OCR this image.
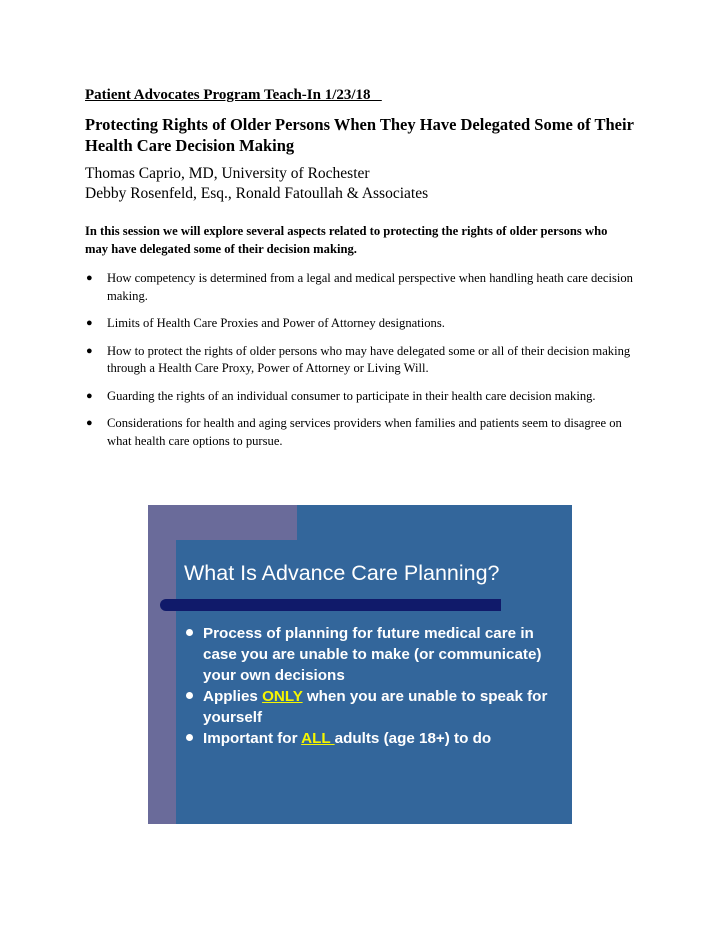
Patient Advocates Program Teach-In 1/23/18
Protecting Rights of Older Persons When They Have Delegated Some of Their Health Care Decision Making
Thomas Caprio, MD, University of Rochester
Debby Rosenfeld, Esq., Ronald Fatoullah & Associates
In this session we will explore several aspects related to protecting the rights of older persons who may have delegated some of their decision making.
● How competency is determined from a legal and medical perspective when handling heath care decision making.
● Limits of Health Care Proxies and Power of Attorney designations.
● How to protect the rights of older persons who may have delegated some or all of their decision making through a Health Care Proxy, Power of Attorney or Living Will.
● Guarding the rights of an individual consumer to participate in their health care decision making.
● Considerations for health and aging services providers when families and patients seem to disagree on what health care options to pursue.
What Is Advance Care Planning?
Process of planning for future medical care in case you are unable to make (or communicate) your own decisions
Applies ONLY when you are unable to speak for yourself
Important for ALL adults (age 18+) to do
